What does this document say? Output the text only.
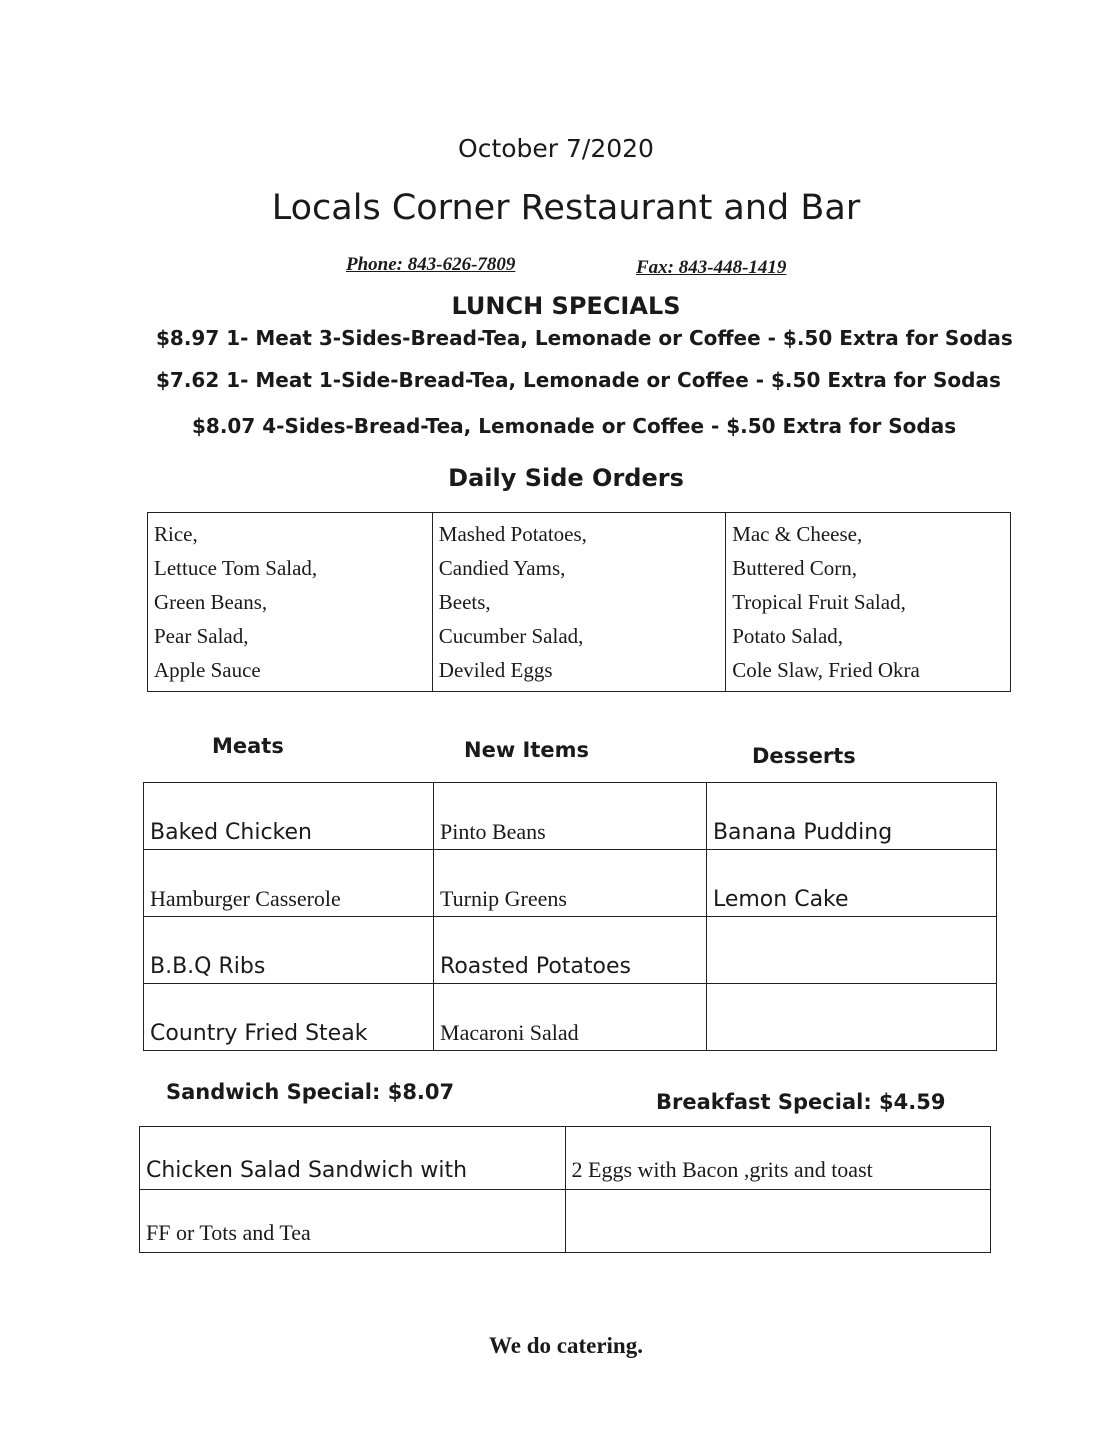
October 7/2020
Locals Corner Restaurant and Bar
Phone: 843-626-7809	Fax: 843-448-1419
LUNCH SPECIALS
$8.97 1- Meat 3-Sides-Bread-Tea, Lemonade or Coffee - $.50 Extra for Sodas
$7.62 1- Meat 1-Side-Bread-Tea, Lemonade or Coffee - $.50 Extra for Sodas
$8.07 4-Sides-Bread-Tea, Lemonade or Coffee - $.50 Extra for Sodas
Daily Side Orders
Rice,
Lettuce Tom Salad,
Green Beans,
Pear Salad,
Apple Sauce

Mashed Potatoes,
Candied Yams,
Beets,
Cucumber Salad,
Deviled Eggs

Mac & Cheese,
Buttered Corn,
Tropical Fruit Salad,
Potato Salad,
Cole Slaw, Fried Okra
Meats	New Items	Desserts
Baked Chicken	Pinto Beans	Banana Pudding
Hamburger Casserole	Turnip Greens	Lemon Cake
B.B.Q Ribs	Roasted Potatoes	
Country Fried Steak	Macaroni Salad	
Sandwich Special: $8.07	Breakfast Special: $4.59
Chicken Salad Sandwich with	2 Eggs with Bacon ,grits and toast
FF or Tots and Tea	
We do catering.
